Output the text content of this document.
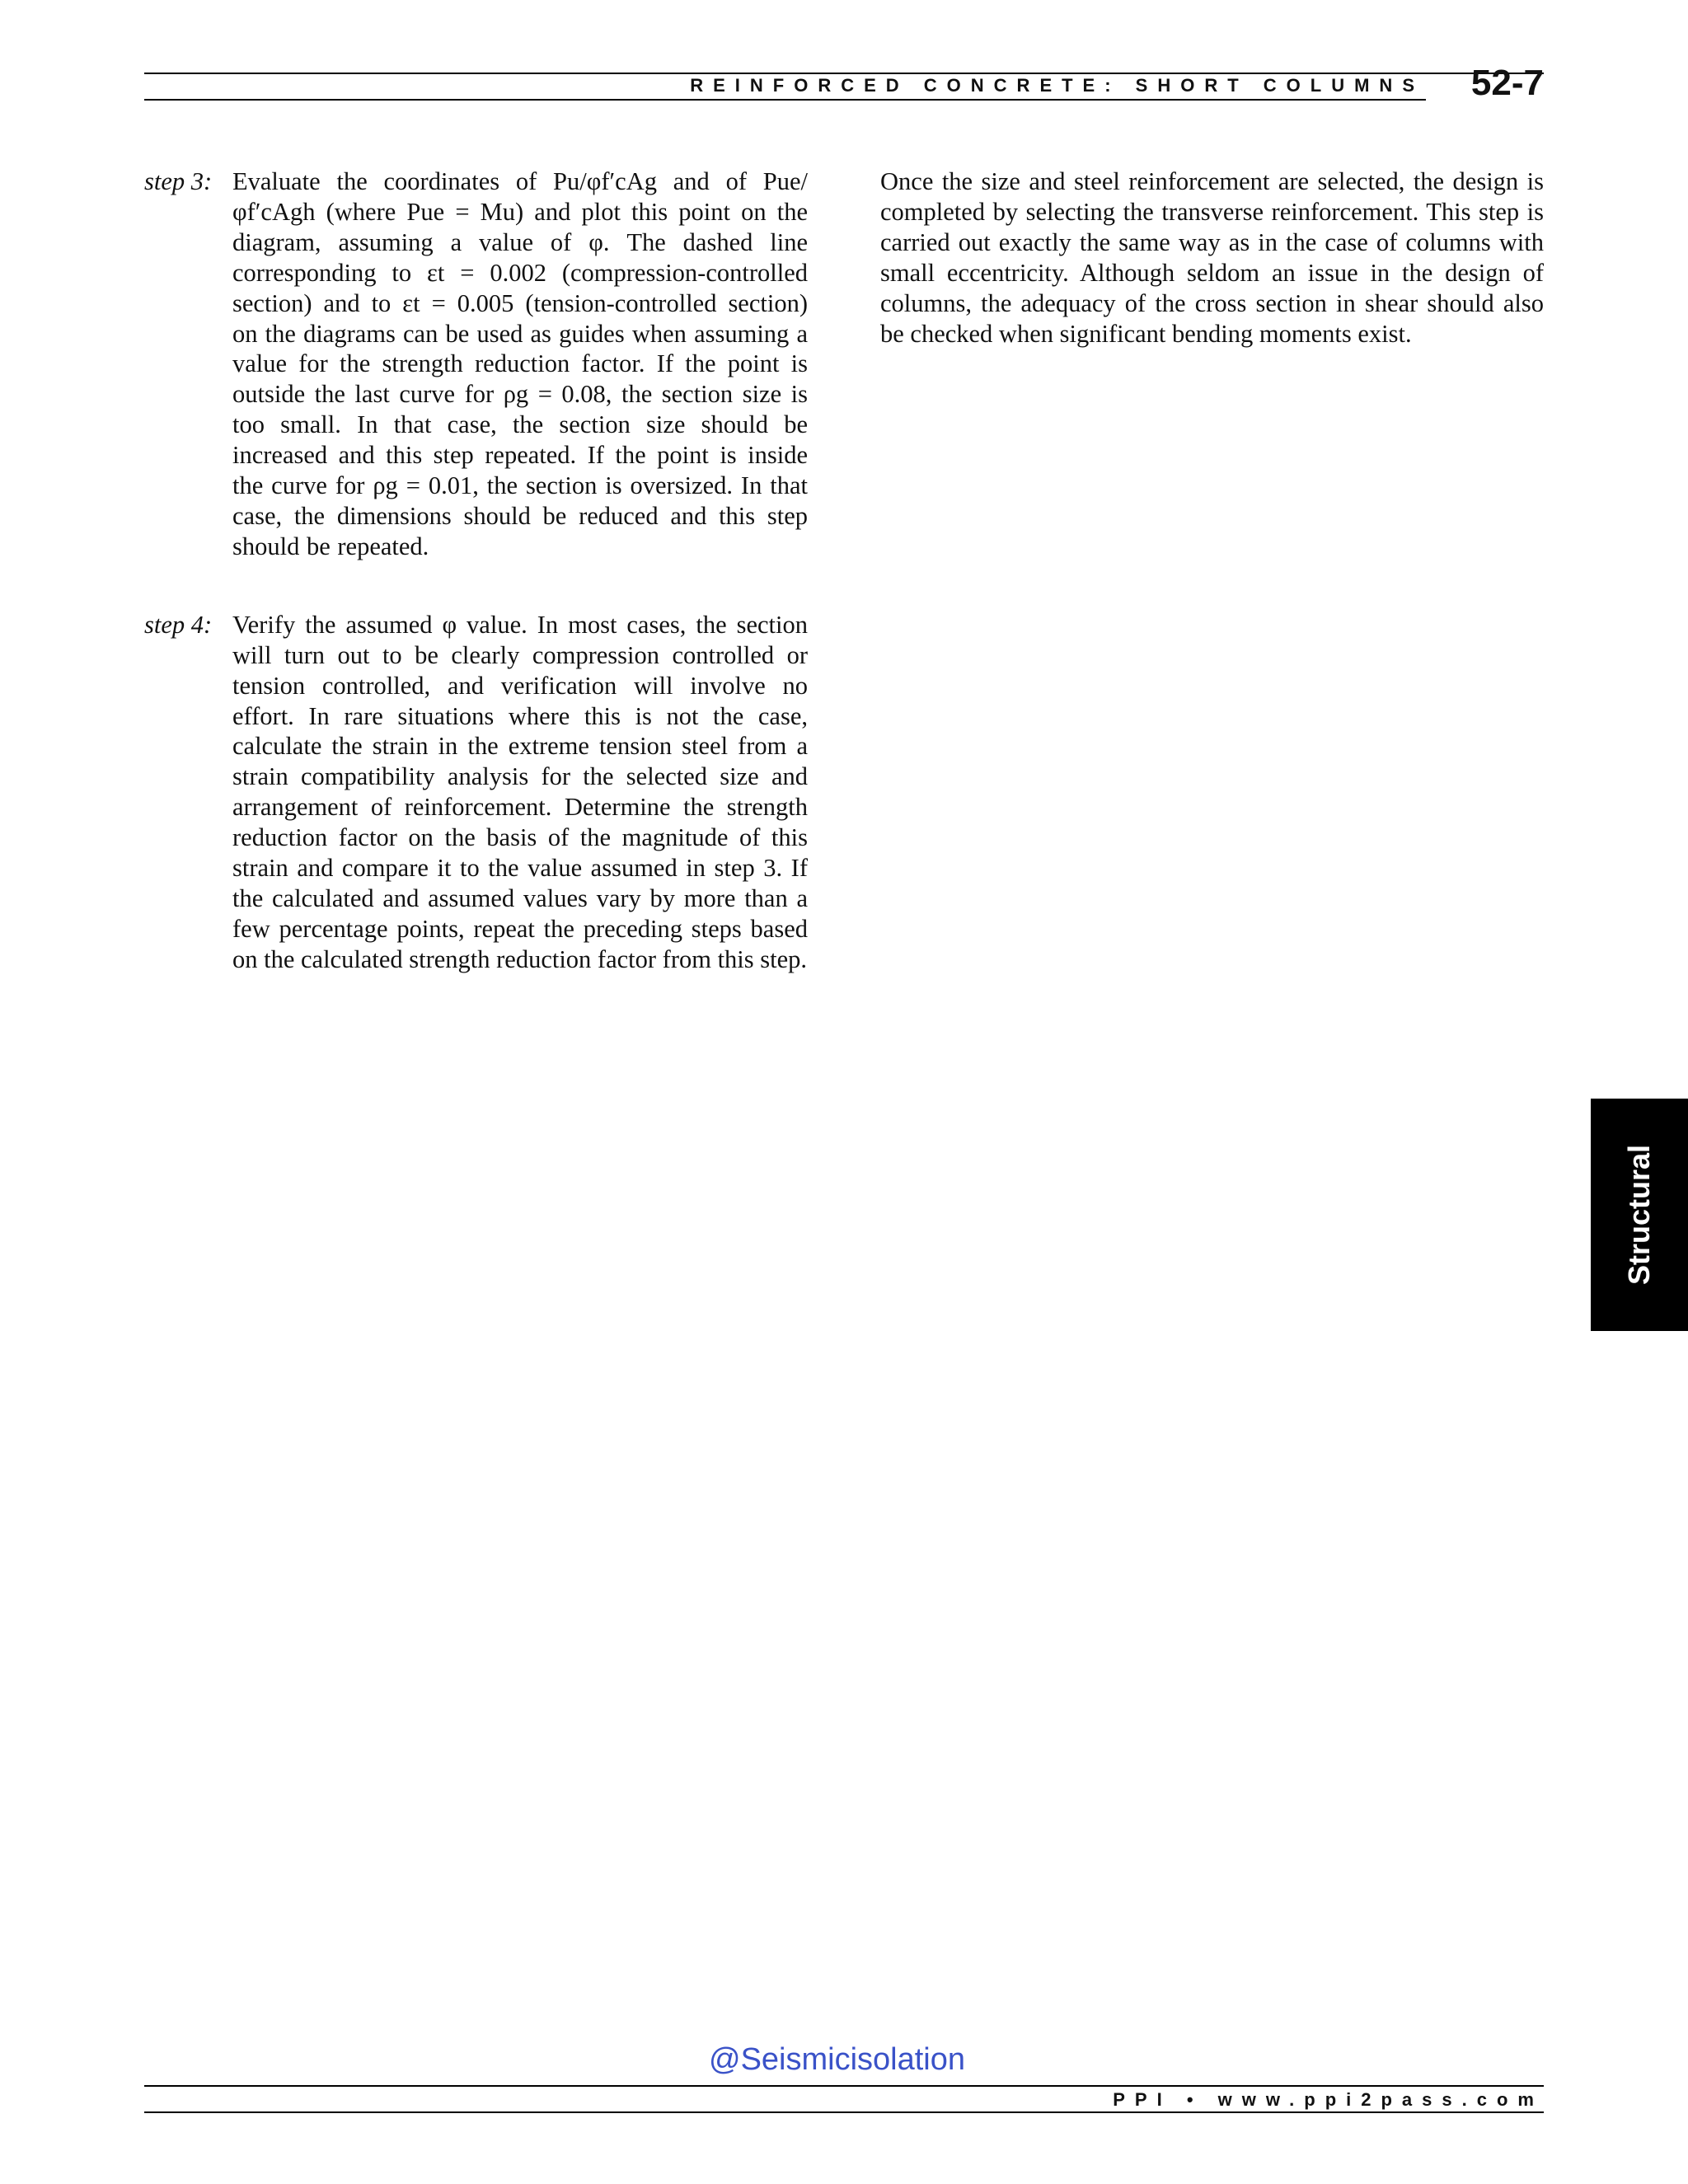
REINFORCED CONCRETE: SHORT COLUMNS 52-7
step 3: Evaluate the coordinates of Pu/φf′cAg and of Pue/φf′cAgh (where Pue = Mu) and plot this point on the diagram, assuming a value of φ. The dashed line corresponding to εt = 0.002 (compression-controlled section) and to εt = 0.005 (tension-controlled section) on the diagrams can be used as guides when assuming a value for the strength reduction factor. If the point is outside the last curve for ρg = 0.08, the section size is too small. In that case, the section size should be increased and this step repeated. If the point is inside the curve for ρg = 0.01, the section is oversized. In that case, the dimensions should be reduced and this step should be repeated.
step 4: Verify the assumed φ value. In most cases, the section will turn out to be clearly compression controlled or tension controlled, and verification will involve no effort. In rare situations where this is not the case, calculate the strain in the extreme tension steel from a strain compatibility analysis for the selected size and arrangement of reinforcement. Determine the strength reduction factor on the basis of the magnitude of this strain and compare it to the value assumed in step 3. If the calculated and assumed values vary by more than a few percentage points, repeat the preceding steps based on the calculated strength reduction factor from this step.
Once the size and steel reinforcement are selected, the design is completed by selecting the transverse reinforcement. This step is carried out exactly the same way as in the case of columns with small eccentricity. Although seldom an issue in the design of columns, the adequacy of the cross section in shear should also be checked when significant bending moments exist.
Structural
@Seismicisolation
PPI • www.ppi2pass.com
